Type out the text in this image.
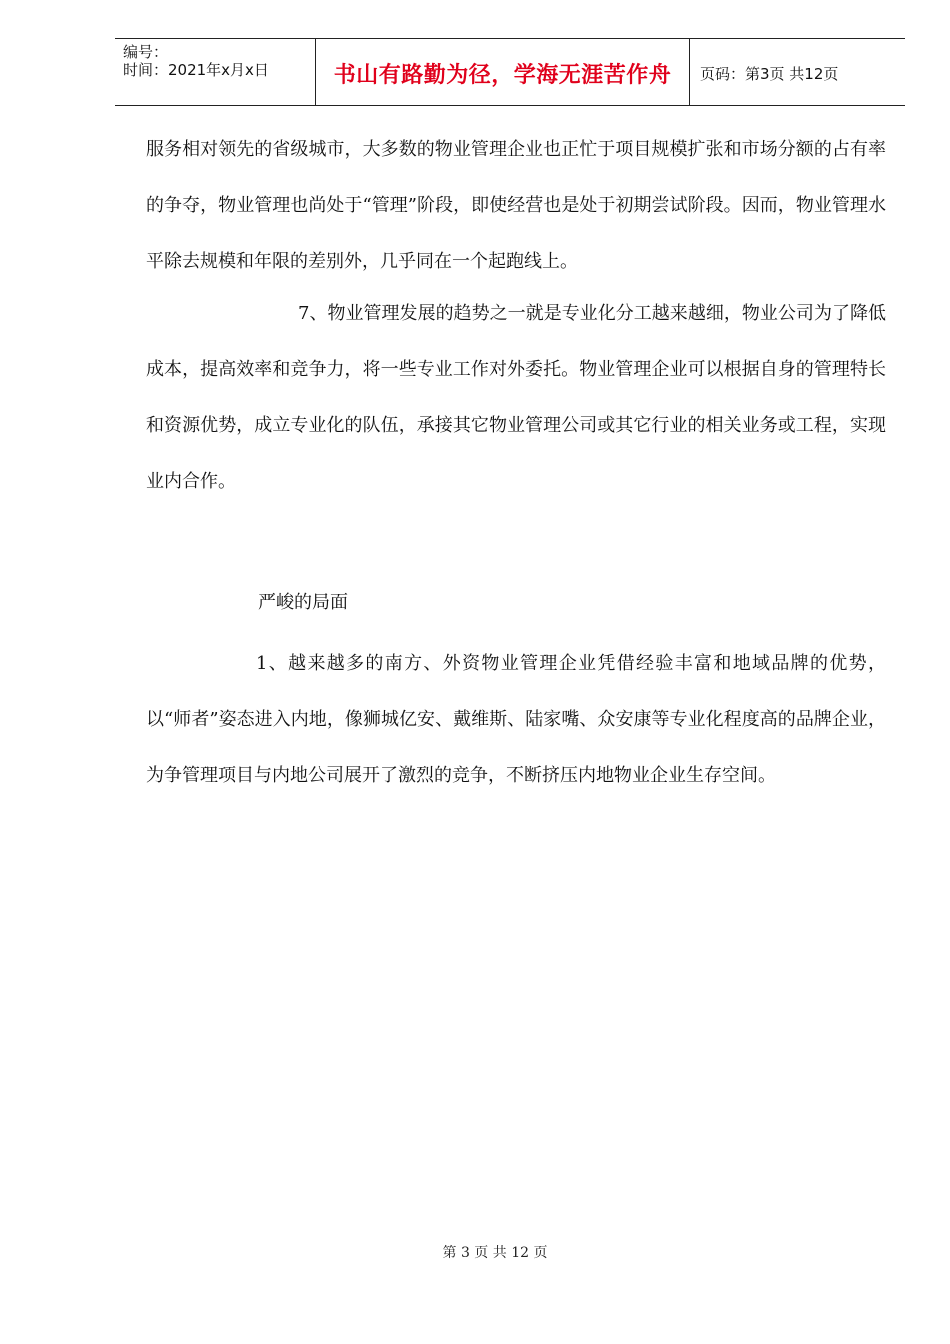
编号：
时间：2021年x月x日	书山有路勤为径，学海无涯苦作舟	页码：第3页 共12页

服务相对领先的省级城市，大多数的物业管理企业也正忙于项目规模扩张和市场分额的占有率的争夺，物业管理也尚处于“管理”阶段，即使经营也是处于初期尝试阶段。因而，物业管理水平除去规模和年限的差别外，几乎同在一个起跑线上。

7、物业管理发展的趋势之一就是专业化分工越来越细，物业公司为了降低成本，提高效率和竞争力，将一些专业工作对外委托。物业管理企业可以根据自身的管理特长和资源优势，成立专业化的队伍，承接其它物业管理公司或其它行业的相关业务或工程，实现业内合作。

严峻的局面

1、越来越多的南方、外资物业管理企业凭借经验丰富和地域品牌的优势，以“师者”姿态进入内地，像狮城亿安、戴维斯、陆家嘴、众安康等专业化程度高的品牌企业，为争管理项目与内地公司展开了激烈的竞争，不断挤压内地物业企业生存空间。

第 3 页 共 12 页
